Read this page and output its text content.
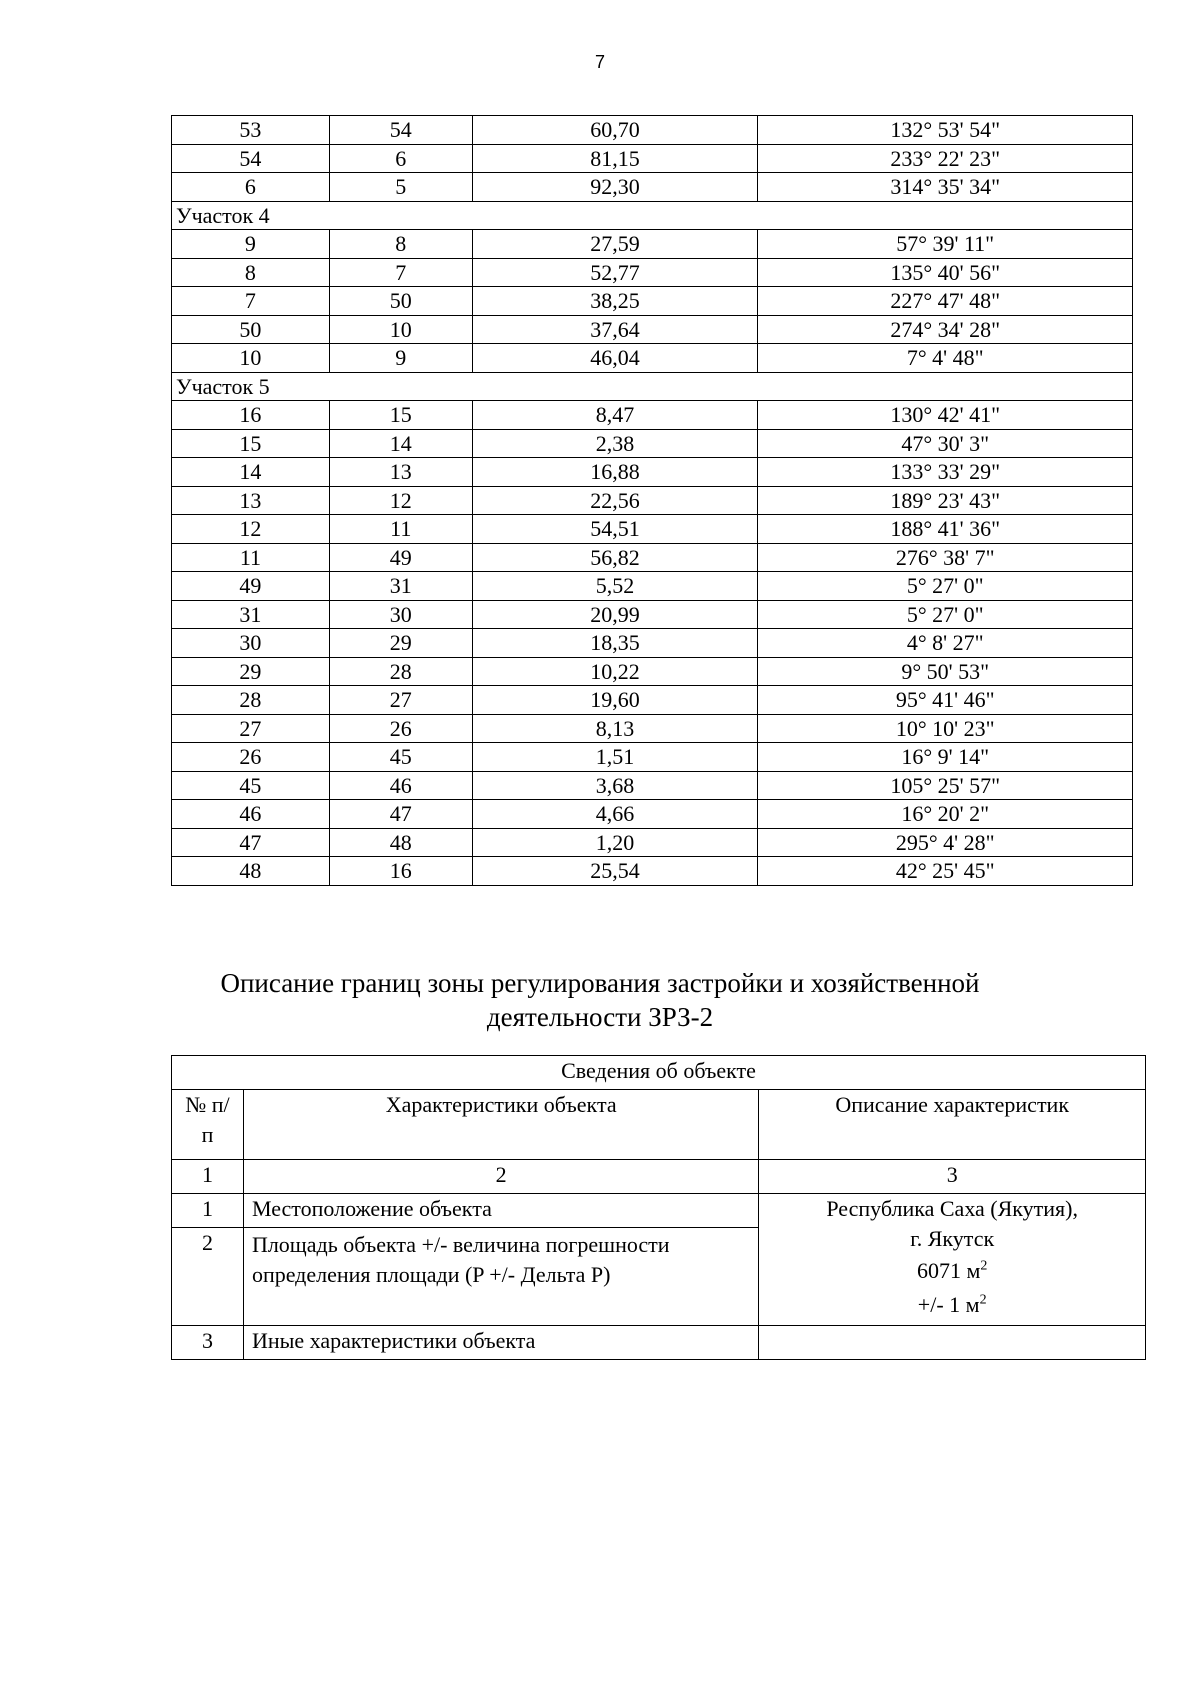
7
53	54	60,70	132° 53' 54"
54	6	81,15	233° 22' 23"
6	5	92,30	314° 35' 34"
Участок 4			
9	8	27,59	57° 39' 11"
8	7	52,77	135° 40' 56"
7	50	38,25	227° 47' 48"
50	10	37,64	274° 34' 28"
10	9	46,04	7° 4' 48"
Участок 5			
16	15	8,47	130° 42' 41"
15	14	2,38	47° 30' 3"
14	13	16,88	133° 33' 29"
13	12	22,56	189° 23' 43"
12	11	54,51	188° 41' 36"
11	49	56,82	276° 38' 7"
49	31	5,52	5° 27' 0"
31	30	20,99	5° 27' 0"
30	29	18,35	4° 8' 27"
29	28	10,22	9° 50' 53"
28	27	19,60	95° 41' 46"
27	26	8,13	10° 10' 23"
26	45	1,51	16° 9' 14"
45	46	3,68	105° 25' 57"
46	47	4,66	16° 20' 2"
47	48	1,20	295° 4' 28"
48	16	25,54	42° 25' 45"
Описание границ зоны регулирования застройки и хозяйственной
деятельности ЗРЗ-2
Сведения об объекте		
№ п/п	Характеристики объекта	Описание характеристик
1	2	3
1	Местоположение объекта	Республика Саха (Якутия),
г. Якутск
6071 $м^2$
+/- 1 $м^2$

2	Площадь объекта +/- величина погрешности определения площади (P +/- Дельта P)	
3	Иные характеристики объекта	
